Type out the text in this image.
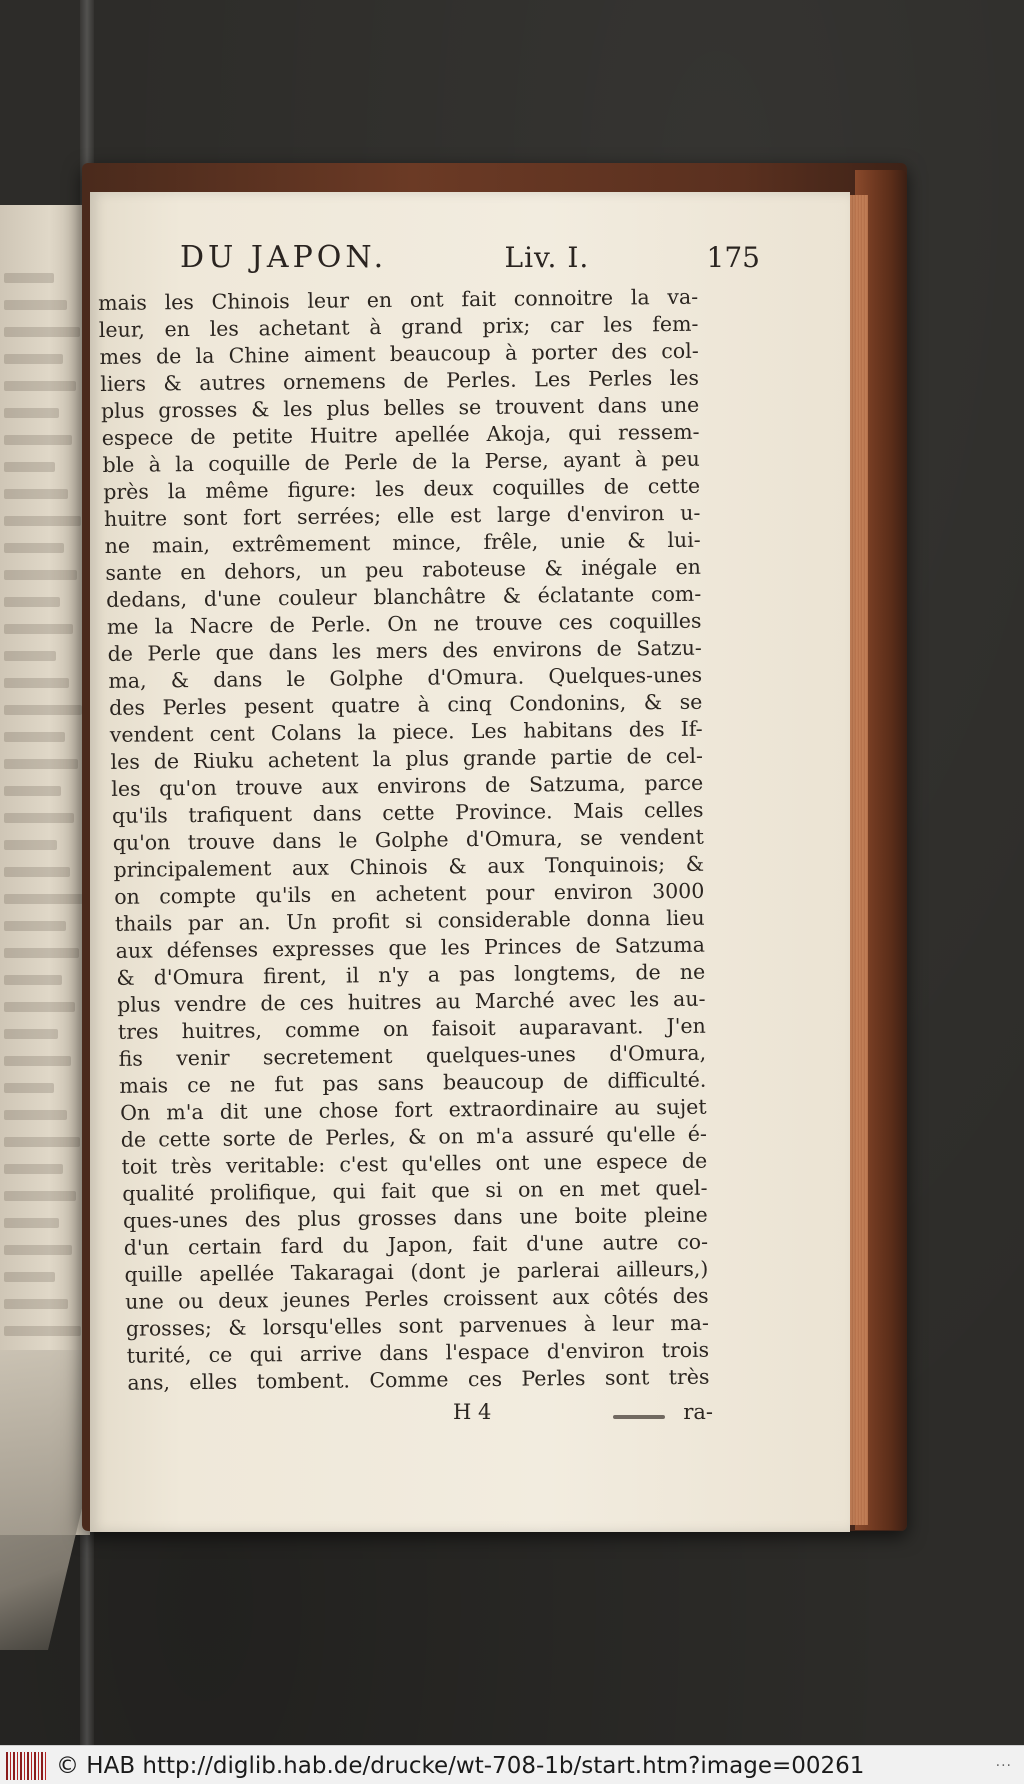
DU JAPON.	Liv. I.	175
mais les Chinois leur en ont fait connoitre la va-
leur, en les achetant à grand prix; car les fem-
mes de la Chine aiment beaucoup à porter des col-
liers & autres ornemens de Perles. Les Perles les
plus grosses & les plus belles se trouvent dans une
espece de petite Huitre apellée Akoja, qui ressem-
ble à la coquille de Perle de la Perse, ayant à peu
près la même figure: les deux coquilles de cette
huitre sont fort serrées; elle est large d'environ u-
ne main, extrêmement mince, frêle, unie & lui-
sante en dehors, un peu raboteuse & inégale en
dedans, d'une couleur blanchâtre & éclatante com-
me la Nacre de Perle. On ne trouve ces coquilles
de Perle que dans les mers des environs de Satzu-
ma, & dans le Golphe d'Omura. Quelques-unes
des Perles pesent quatre à cinq Condonins, & se
vendent cent Colans la piece. Les habitans des If-
les de Riuku achetent la plus grande partie de cel-
les qu'on trouve aux environs de Satzuma, parce
qu'ils trafiquent dans cette Province. Mais celles
qu'on trouve dans le Golphe d'Omura, se vendent
principalement aux Chinois & aux Tonquinois; &
on compte qu'ils en achetent pour environ 3000
thails par an. Un profit si considerable donna lieu
aux défenses expresses que les Princes de Satzuma
& d'Omura firent, il n'y a pas longtems, de ne
plus vendre de ces huitres au Marché avec les au-
tres huitres, comme on faisoit auparavant. J'en
fis venir secretement quelques-unes d'Omura,
mais ce ne fut pas sans beaucoup de difficulté.
On m'a dit une chose fort extraordinaire au sujet
de cette sorte de Perles, & on m'a assuré qu'elle é-
toit très veritable: c'est qu'elles ont une espece de
qualité prolifique, qui fait que si on en met quel-
ques-unes des plus grosses dans une boite pleine
d'un certain fard du Japon, fait d'une autre co-
quille apellée Takaragai (dont je parlerai ailleurs,)
une ou deux jeunes Perles croissent aux côtés des
grosses; & lorsqu'elles sont parvenues à leur ma-
turité, ce qui arrive dans l'espace d'environ trois
ans, elles tombent. Comme ces Perles sont très
H 4	ra-
© HAB http://diglib.hab.de/drucke/wt-708-1b/start.htm?image=00261	...
